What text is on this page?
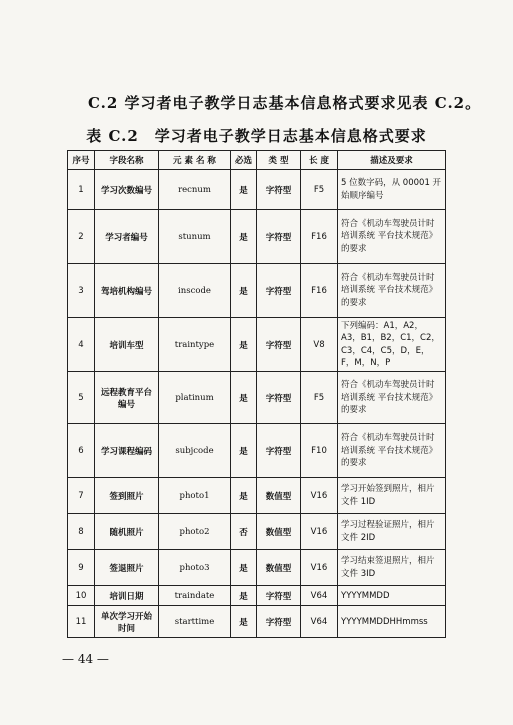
C.2 学习者电子教学日志基本信息格式要求见表 C.2。
表 C.2　学习者电子教学日志基本信息格式要求
序号	字段名称	元 素 名 称	必选	类 型	长 度	描述及要求
1	学习次数编号	recnum	是	字符型	F5	5 位数字码，从 00001 开始顺序编号
2	学习者编号	stunum	是	字符型	F16	符合《机动车驾驶员计时培训系统 平台技术规范》的要求
3	驾培机构编号	inscode	是	字符型	F16	符合《机动车驾驶员计时培训系统 平台技术规范》的要求
4	培训车型	traintype	是	字符型	V8	下列编码：A1，A2，A3，B1，B2，C1，C2，C3，C4，C5，D，E，F，M，N，P
5	远程教育平台编号	platinum	是	字符型	F5	符合《机动车驾驶员计时培训系统 平台技术规范》的要求
6	学习课程编码	subjcode	是	字符型	F10	符合《机动车驾驶员计时培训系统 平台技术规范》的要求
7	签到照片	photo1	是	数值型	V16	学习开始签到照片，相片文件 1ID
8	随机照片	photo2	否	数值型	V16	学习过程验证照片，相片文件 2ID
9	签退照片	photo3	是	数值型	V16	学习结束签退照片，相片文件 3ID
10	培训日期	traindate	是	字符型	V64	YYYYMMDD
11	单次学习开始时间	starttime	是	字符型	V64	YYYYMMDDHHmmss
— 44 —
